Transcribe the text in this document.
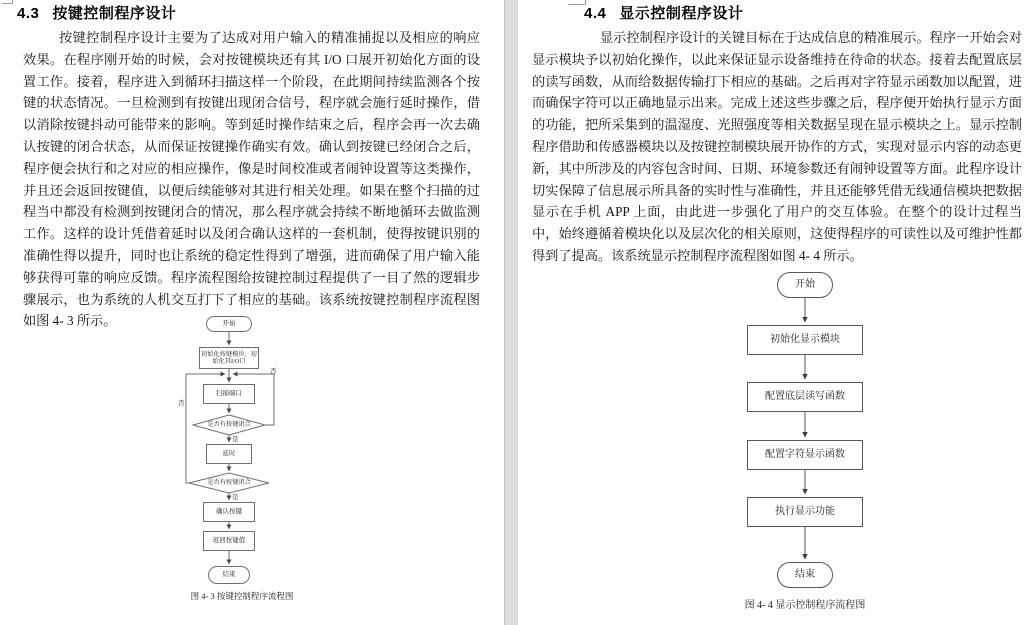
4.3 按键控制程序设计

按键控制程序设计主要为了达成对用户输入的精准捕捉以及相应的响应效果。在程序刚开始的时候，会对按键模块还有其 I/O 口展开初始化方面的设置工作。接着，程序进入到循环扫描这样一个阶段，在此期间持续监测各个按键的状态情况。一旦检测到有按键出现闭合信号，程序就会施行延时操作，借以消除按键抖动可能带来的影响。等到延时操作结束之后，程序会再一次去确认按键的闭合状态，从而保证按键操作确实有效。确认到按键已经闭合之后，程序便会执行和之对应的相应操作，像是时间校准或者闹钟设置等这类操作，并且还会返回按键值，以便后续能够对其进行相关处理。如果在整个扫描的过程当中都没有检测到按键闭合的情况，那么程序就会持续不断地循环去做监测工作。这样的设计凭借着延时以及闭合确认这样的一套机制，使得按键识别的准确性得以提升，同时也让系统的稳定性得到了增强，进而确保了用户输入能够获得可靠的响应反馈。程序流程图给按键控制过程提供了一目了然的逻辑步骤展示，也为系统的人机交互打下了相应的基础。该系统按键控制程序流程图如图 4- 3 所示。	开始
初始化按键模块、初始化其I/O口
扫描端口
是否有按键闭合
延时
是否有按键闭合
确认按键
返回按键值
结束
是
是
否
否
图 4- 3 按键控制程序流程图
4.4 显示控制程序设计

显示控制程序设计的关键目标在于达成信息的精准展示。程序一开始会对显示模块予以初始化操作，以此来保证显示设备维持在待命的状态。接着去配置底层的读写函数，从而给数据传输打下相应的基础。之后再对字符显示函数加以配置，进而确保字符可以正确地显示出来。完成上述这些步骤之后，程序便开始执行显示方面的功能，把所采集到的温湿度、光照强度等相关数据呈现在显示模块之上。显示控制程序借助和传感器模块以及按键控制模块展开协作的方式，实现对显示内容的动态更新，其中所涉及的内容包含时间、日期、环境参数还有闹钟设置等方面。此程序设计切实保障了信息展示所具备的实时性与准确性，并且还能够凭借无线通信模块把数据显示在手机 APP 上面，由此进一步强化了用户的交互体验。在整个的设计过程当中，始终遵循着模块化以及层次化的相关原则，这使得程序的可读性以及可维护性都得到了提高。该系统显示控制程序流程图如图 4- 4 所示。

开始
初始化显示模块
配置底层读写函数
配置字符显示函数
执行显示功能
结束
图 4- 4 显示控制程序流程图
